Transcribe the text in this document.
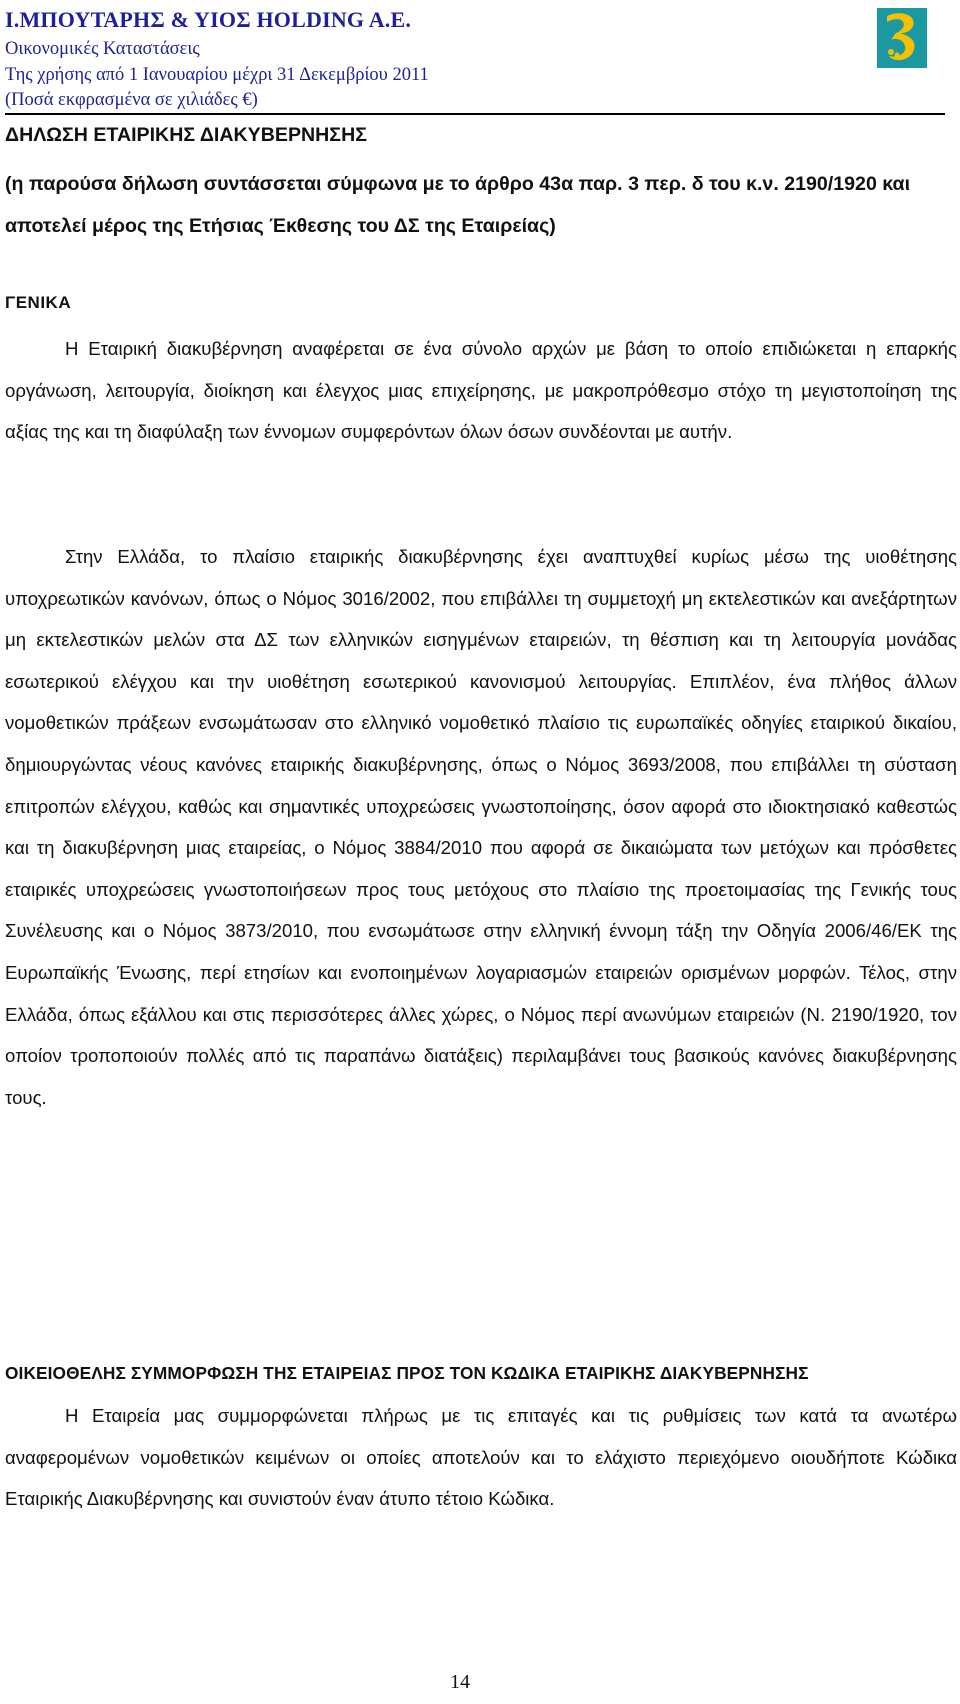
Ι.ΜΠΟΥΤΑΡΗΣ & ΥΙΟΣ HOLDING A.E.
Οικονομικές Καταστάσεις
Της χρήσης από 1 Ιανουαρίου μέχρι 31 Δεκεμβρίου 2011
(Ποσά εκφρασμένα σε χιλιάδες €)
ΔΗΛΩΣΗ ΕΤΑΙΡΙΚΗΣ ΔΙΑΚΥΒΕΡΝΗΣΗΣ
(η παρούσα δήλωση συντάσσεται σύμφωνα με το άρθρο 43α παρ. 3 περ. δ του κ.ν. 2190/1920 και αποτελεί μέρος της Ετήσιας Έκθεσης του ΔΣ της Εταιρείας)
ΓΕΝΙΚΑ
Η Εταιρική διακυβέρνηση αναφέρεται σε ένα σύνολο αρχών με βάση το οποίο επιδιώκεται η επαρκής οργάνωση, λειτουργία, διοίκηση και έλεγχος μιας επιχείρησης, με μακροπρόθεσμο στόχο τη μεγιστοποίηση της αξίας της και τη διαφύλαξη των έννομων συμφερόντων όλων όσων συνδέονται με αυτήν.
Στην Ελλάδα, το πλαίσιο εταιρικής διακυβέρνησης έχει αναπτυχθεί κυρίως μέσω της υιοθέτησης υποχρεωτικών κανόνων, όπως ο Νόμος 3016/2002, που επιβάλλει τη συμμετοχή μη εκτελεστικών και ανεξάρτητων μη εκτελεστικών μελών στα ΔΣ των ελληνικών εισηγμένων εταιρειών, τη θέσπιση και τη λειτουργία μονάδας εσωτερικού ελέγχου και την υιοθέτηση εσωτερικού κανονισμού λειτουργίας. Επιπλέον, ένα πλήθος άλλων νομοθετικών πράξεων ενσωμάτωσαν στο ελληνικό νομοθετικό πλαίσιο τις ευρωπαϊκές οδηγίες εταιρικού δικαίου, δημιουργώντας νέους κανόνες εταιρικής διακυβέρνησης, όπως ο Νόμος 3693/2008, που επιβάλλει τη σύσταση επιτροπών ελέγχου, καθώς και σημαντικές υποχρεώσεις γνωστοποίησης, όσον αφορά στο ιδιοκτησιακό καθεστώς και τη διακυβέρνηση μιας εταιρείας, ο Νόμος 3884/2010 που αφορά σε δικαιώματα των μετόχων και πρόσθετες εταιρικές υποχρεώσεις γνωστοποιήσεων προς τους μετόχους στο πλαίσιο της προετοιμασίας της Γενικής τους Συνέλευσης και ο Νόμος 3873/2010, που ενσωμάτωσε στην ελληνική έννομη τάξη την Οδηγία 2006/46/ΕΚ της Ευρωπαϊκής Ένωσης, περί ετησίων και ενοποιημένων λογαριασμών εταιρειών ορισμένων μορφών. Τέλος, στην Ελλάδα, όπως εξάλλου και στις περισσότερες άλλες χώρες, ο Νόμος περί ανωνύμων εταιρειών (Ν. 2190/1920, τον οποίον τροποποιούν πολλές από τις παραπάνω διατάξεις) περιλαμβάνει τους βασικούς κανόνες διακυβέρνησης τους.
ΟΙΚΕΙΟΘΕΛΗΣ ΣΥΜΜΟΡΦΩΣΗ ΤΗΣ ΕΤΑΙΡΕΙΑΣ ΠΡΟΣ ΤΟΝ ΚΩΔΙΚΑ ΕΤΑΙΡΙΚΗΣ ΔΙΑΚΥΒΕΡΝΗΣΗΣ
Η Εταιρεία μας συμμορφώνεται πλήρως με τις επιταγές και τις ρυθμίσεις των κατά τα ανωτέρω αναφερομένων νομοθετικών κειμένων οι οποίες αποτελούν και το ελάχιστο περιεχόμενο οιουδήποτε Κώδικα Εταιρικής Διακυβέρνησης και συνιστούν έναν άτυπο τέτοιο Κώδικα.
14
